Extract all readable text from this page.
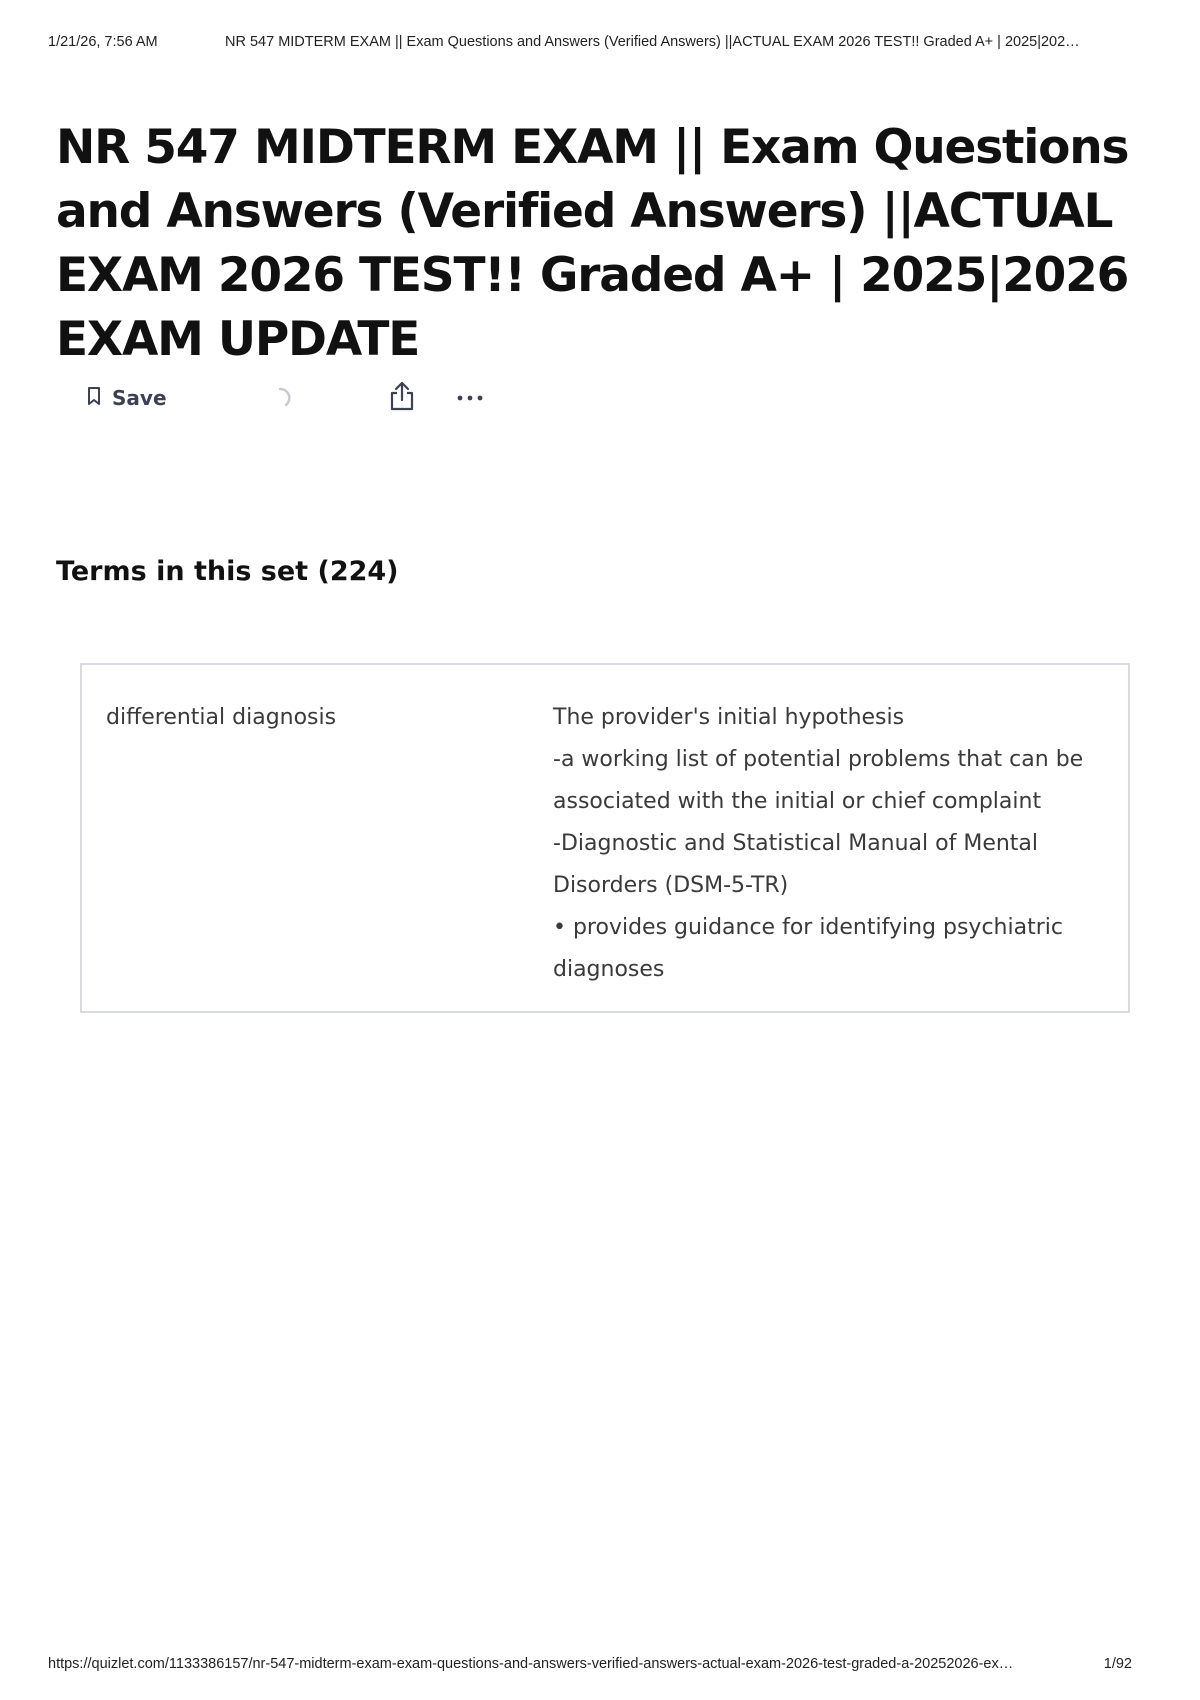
1/21/26, 7:56 AM	NR 547 MIDTERM EXAM || Exam Questions and Answers (Verified Answers) ||ACTUAL EXAM 2026 TEST!! Graded A+ | 2025|202…
NR 547 MIDTERM EXAM || Exam Questions and Answers (Verified Answers) ||ACTUAL EXAM 2026 TEST!! Graded A+ | 2025|2026 EXAM UPDATE
Save
Terms in this set (224)
differential diagnosis	The provider's initial hypothesis
-a working list of potential problems that can be
associated with the initial or chief complaint
-Diagnostic and Statistical Manual of Mental
Disorders (DSM-5-TR)
• provides guidance for identifying psychiatric
diagnoses
https://quizlet.com/1133386157/nr-547-midterm-exam-exam-questions-and-answers-verified-answers-actual-exam-2026-test-graded-a-20252026-ex…	1/92
